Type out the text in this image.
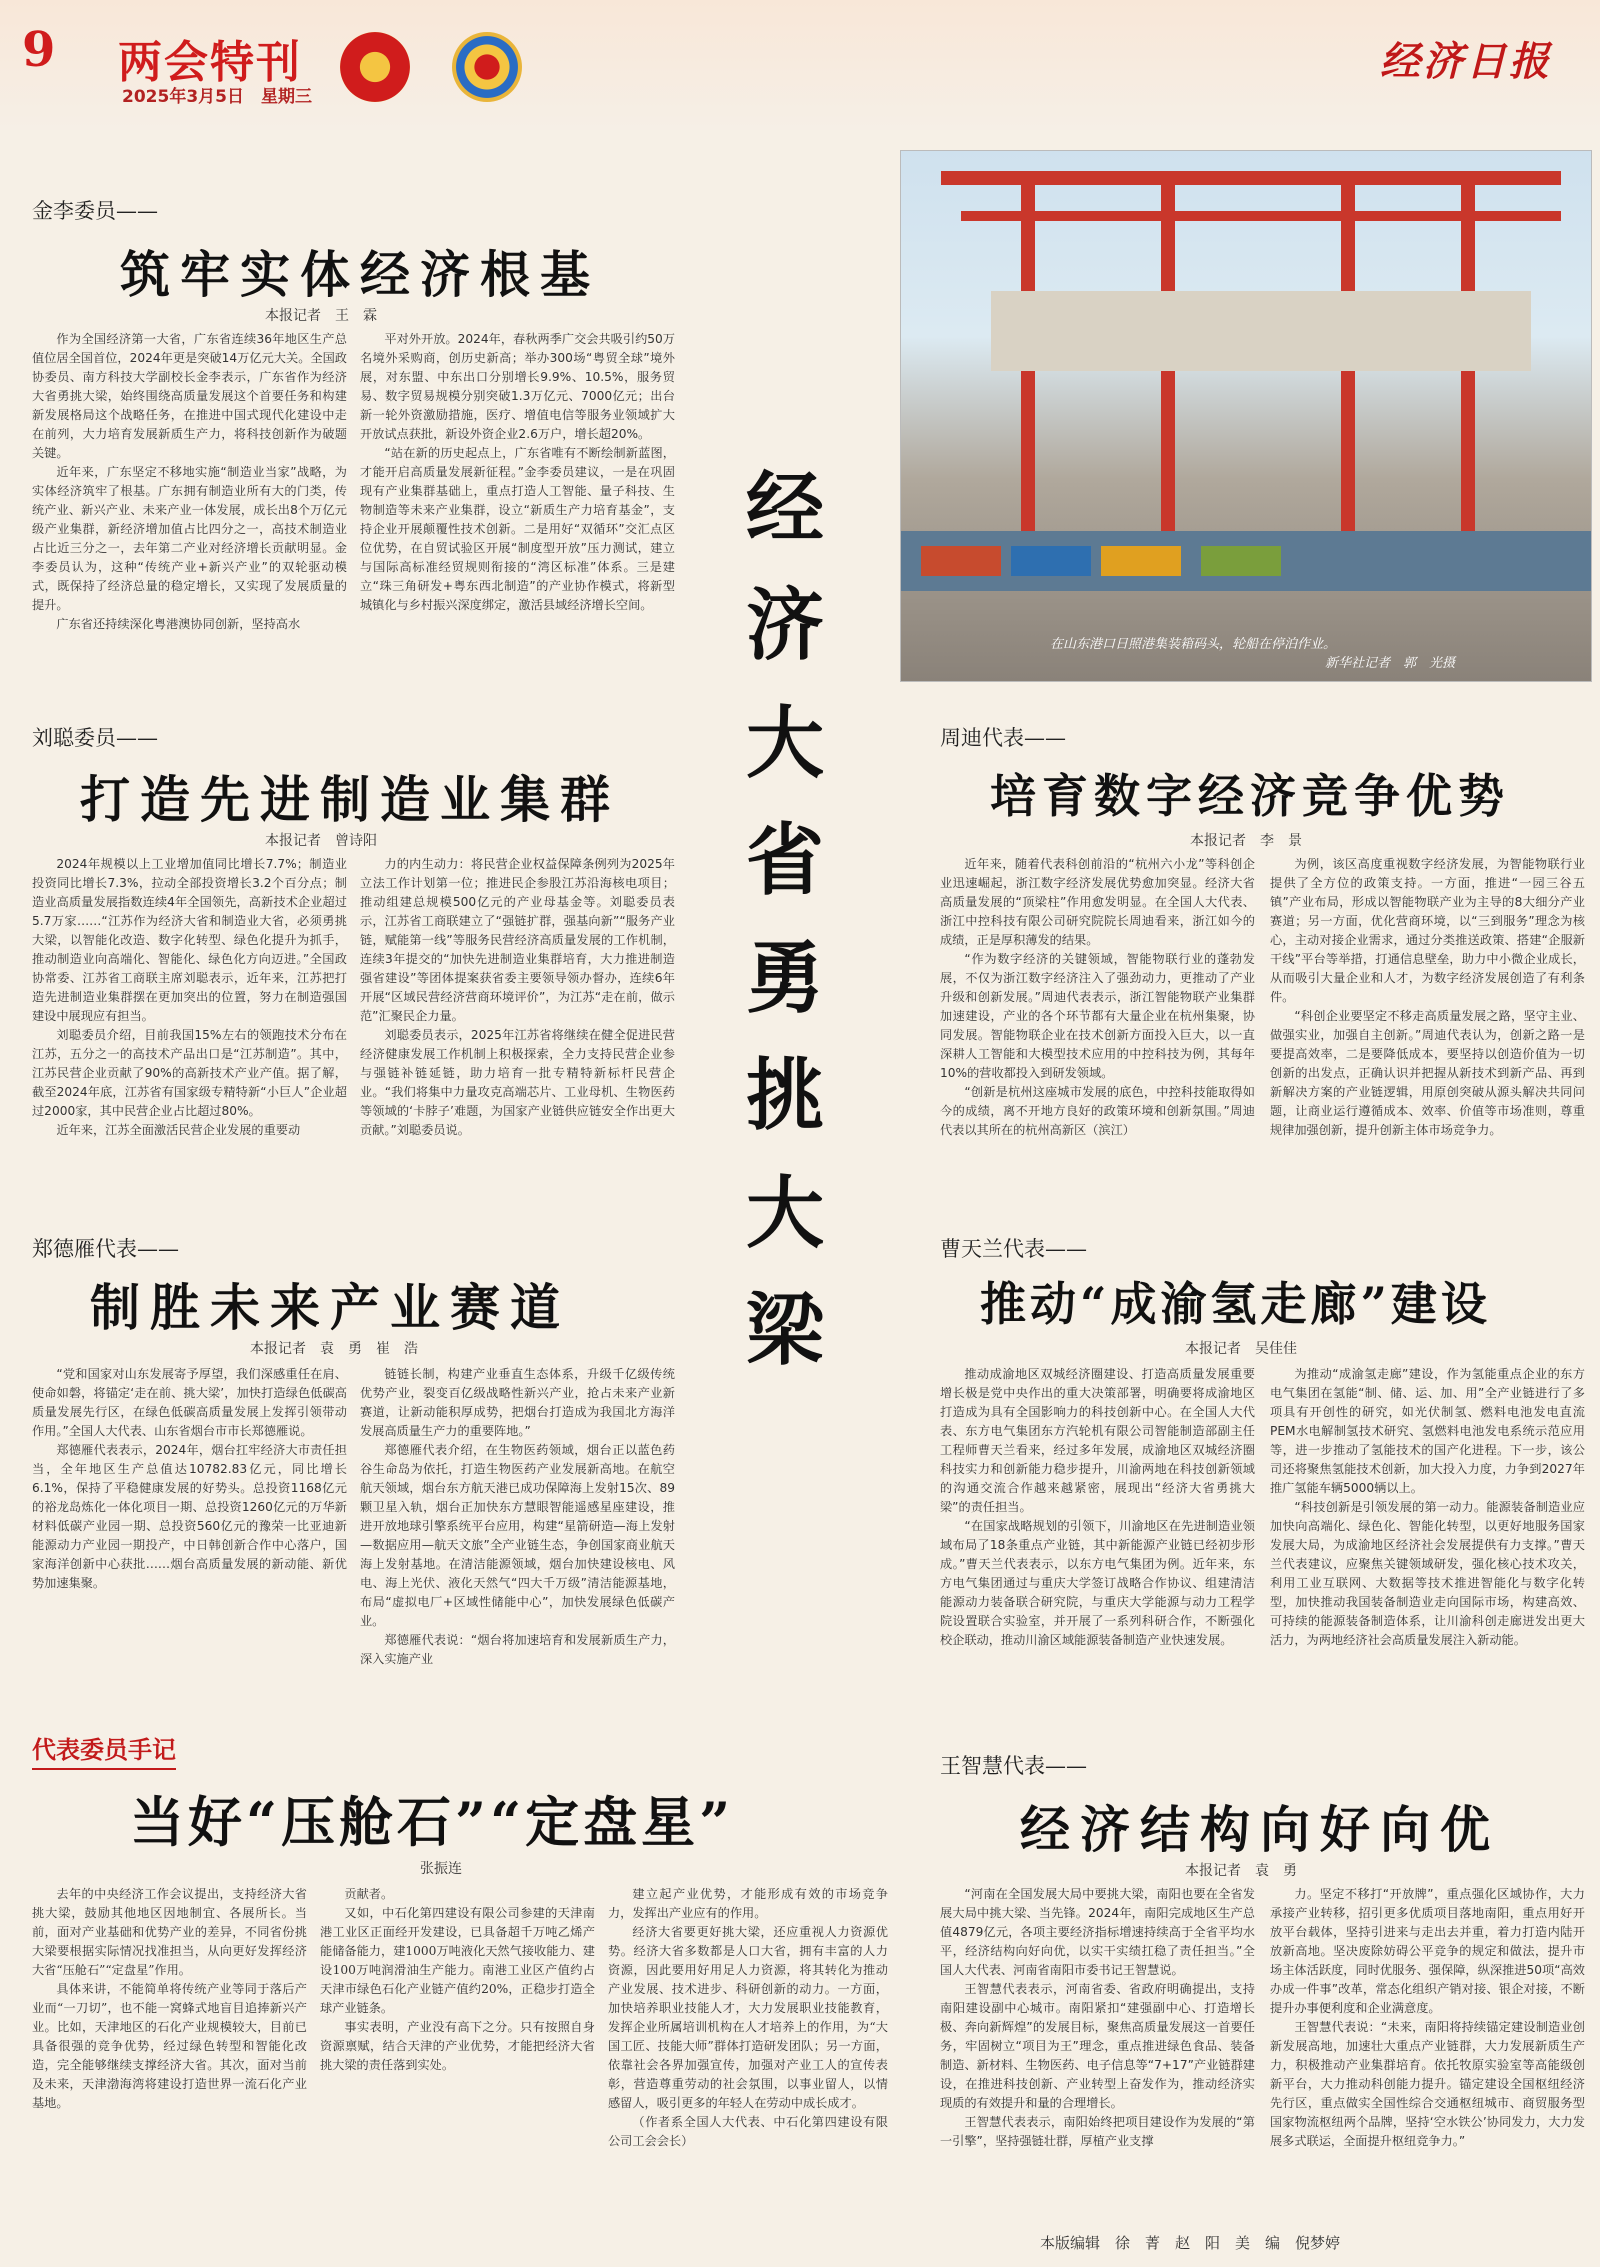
9 两会特刊
2025年3月5日　星期三
经济日报
经
济
大
省
勇
挑
大
梁
在山东港口日照港集装箱码头，轮船在停泊作业。
新华社记者　郭　光摄
金李委员——
筑牢实体经济根基
本报记者　王　霖

作为全国经济第一大省，广东省连续36年地区生产总值位居全国首位，2024年更是突破14万亿元大关。全国政协委员、南方科技大学副校长金李表示，广东省作为经济大省勇挑大梁，始终围绕高质量发展这个首要任务和构建新发展格局这个战略任务，在推进中国式现代化建设中走在前列，大力培育发展新质生产力，将科技创新作为破题关键。

近年来，广东坚定不移地实施“制造业当家”战略，为实体经济筑牢了根基。广东拥有制造业所有大的门类，传统产业、新兴产业、未来产业一体发展，成长出8个万亿元级产业集群，新经济增加值占比四分之一，高技术制造业占比近三分之一，去年第二产业对经济增长贡献明显。金李委员认为，这种“传统产业+新兴产业”的双轮驱动模式，既保持了经济总量的稳定增长，又实现了发展质量的提升。

广东省还持续深化粤港澳协同创新，坚持高水

平对外开放。2024年，春秋两季广交会共吸引约50万名境外采购商，创历史新高；举办300场“粤贸全球”境外展，对东盟、中东出口分别增长9.9%、10.5%，服务贸易、数字贸易规模分别突破1.3万亿元、7000亿元；出台新一轮外资激励措施，医疗、增值电信等服务业领域扩大开放试点获批，新设外资企业2.6万户，增长超20%。

“站在新的历史起点上，广东省唯有不断绘制新蓝图，才能开启高质量发展新征程。”金李委员建议，一是在巩固现有产业集群基础上，重点打造人工智能、量子科技、生物制造等未来产业集群，设立“新质生产力培育基金”，支持企业开展颠覆性技术创新。二是用好“双循环”交汇点区位优势，在自贸试验区开展“制度型开放”压力测试，建立与国际高标准经贸规则衔接的“湾区标准”体系。三是建立“珠三角研发+粤东西北制造”的产业协作模式，将新型城镇化与乡村振兴深度绑定，激活县域经济增长空间。

刘聪委员——
打造先进制造业集群
本报记者　曾诗阳

2024年规模以上工业增加值同比增长7.7%；制造业投资同比增长7.3%，拉动全部投资增长3.2个百分点；制造业高质量发展指数连续4年全国领先，高新技术企业超过5.7万家……“江苏作为经济大省和制造业大省，必须勇挑大梁，以智能化改造、数字化转型、绿色化提升为抓手，推动制造业向高端化、智能化、绿色化方向迈进。”全国政协常委、江苏省工商联主席刘聪表示，近年来，江苏把打造先进制造业集群摆在更加突出的位置，努力在制造强国建设中展现应有担当。

刘聪委员介绍，目前我国15%左右的领跑技术分布在江苏，五分之一的高技术产品出口是“江苏制造”。其中，江苏民营企业贡献了90%的高新技术产业产值。据了解，截至2024年底，江苏省有国家级专精特新“小巨人”企业超过2000家，其中民营企业占比超过80%。

近年来，江苏全面激活民营企业发展的重要动

力的内生动力：将民营企业权益保障条例列为2025年立法工作计划第一位；推进民企参股江苏沿海核电项目；推动组建总规模500亿元的产业母基金等。刘聪委员表示，江苏省工商联建立了“强链扩群，强基向新”“服务产业链，赋能第一线”等服务民营经济高质量发展的工作机制，连续3年提交的“加快先进制造业集群培育，大力推进制造强省建设”等团体提案获省委主要领导领办督办，连续6年开展“区域民营经济营商环境评价”，为江苏“走在前，做示范”汇聚民企力量。

刘聪委员表示，2025年江苏省将继续在健全促进民营经济健康发展工作机制上积极探索，全力支持民营企业参与强链补链延链，助力培育一批专精特新标杆民营企业。“我们将集中力量攻克高端芯片、工业母机、生物医药等领域的‘卡脖子’难题，为国家产业链供应链安全作出更大贡献。”刘聪委员说。

郑德雁代表——
制胜未来产业赛道
本报记者　袁　勇　崔　浩

“党和国家对山东发展寄予厚望，我们深感重任在肩、使命如磐，将锚定‘走在前、挑大梁’，加快打造绿色低碳高质量发展先行区，在绿色低碳高质量发展上发挥引领带动作用。”全国人大代表、山东省烟台市市长郑德雁说。

郑德雁代表表示，2024年，烟台扛牢经济大市责任担当，全年地区生产总值达10782.83亿元，同比增长6.1%，保持了平稳健康发展的好势头。总投资1168亿元的裕龙岛炼化一体化项目一期、总投资1260亿元的万华新材料低碳产业园一期、总投资560亿元的豫荣一比亚迪新能源动力产业园一期投产，中日韩创新合作中心落户，国家海洋创新中心获批……烟台高质量发展的新动能、新优势加速集聚。

链链长制，构建产业垂直生态体系，升级千亿级传统优势产业，裂变百亿级战略性新兴产业，抢占未来产业新赛道，让新动能积厚成势，把烟台打造成为我国北方海洋发展高质量生产力的重要阵地。”

郑德雁代表介绍，在生物医药领域，烟台正以蓝色药谷生命岛为依托，打造生物医药产业发展新高地。在航空航天领域，烟台东方航天港已成功保障海上发射15次、89颗卫星入轨，烟台正加快东方慧眼智能遥感星座建设，推进开放地球引擎系统平台应用，构建“星箭研造—海上发射—数据应用—航天文旅”全产业链生态，争创国家商业航天海上发射基地。在清洁能源领域，烟台加快建设核电、风电、海上光伏、液化天然气“四大千万级”清洁能源基地，布局“虚拟电厂+区域性储能中心”，加快发展绿色低碳产业。

郑德雁代表说：“烟台将加速培育和发展新质生产力，深入实施产业

周迪代表——
培育数字经济竞争优势
本报记者　李　景

近年来，随着代表科创前沿的“杭州六小龙”等科创企业迅速崛起，浙江数字经济发展优势愈加突显。经济大省高质量发展的“顶梁柱”作用愈发明显。在全国人大代表、浙江中控科技有限公司研究院院长周迪看来，浙江如今的成绩，正是厚积薄发的结果。

“作为数字经济的关键领域，智能物联行业的蓬勃发展，不仅为浙江数字经济注入了强劲动力，更推动了产业升级和创新发展。”周迪代表表示，浙江智能物联产业集群加速建设，产业的各个环节都有大量企业在杭州集聚，协同发展。智能物联企业在技术创新方面投入巨大，以一直深耕人工智能和大模型技术应用的中控科技为例，其每年10%的营收都投入到研发领域。

“创新是杭州这座城市发展的底色，中控科技能取得如今的成绩，离不开地方良好的政策环境和创新氛围。”周迪代表以其所在的杭州高新区（滨江）

为例，该区高度重视数字经济发展，为智能物联行业提供了全方位的政策支持。一方面，推进“一园三谷五镇”产业布局，形成以智能物联产业为主导的8大细分产业赛道；另一方面，优化营商环境，以“三到服务”理念为核心，主动对接企业需求，通过分类推送政策、搭建“企服新干线”平台等举措，打通信息壁垒，助力中小微企业成长，从而吸引大量企业和人才，为数字经济发展创造了有利条件。

“科创企业要坚定不移走高质量发展之路，坚守主业、做强实业，加强自主创新。”周迪代表认为，创新之路一是要提高效率，二是要降低成本，要坚持以创造价值为一切创新的出发点，正确认识并把握从新技术到新产品、再到新解决方案的产业链逻辑，用原创突破从源头解决共同问题，让商业运行遵循成本、效率、价值等市场准则，尊重规律加强创新，提升创新主体市场竞争力。

曹天兰代表——
推动“成渝氢走廊”建设
本报记者　吴佳佳

推动成渝地区双城经济圈建设、打造高质量发展重要增长极是党中央作出的重大决策部署，明确要将成渝地区打造成为具有全国影响力的科技创新中心。在全国人大代表、东方电气集团东方汽轮机有限公司智能制造部副主任工程师曹天兰看来，经过多年发展，成渝地区双城经济圈科技实力和创新能力稳步提升，川渝两地在科技创新领域的沟通交流合作越来越紧密，展现出“经济大省勇挑大梁”的责任担当。

“在国家战略规划的引领下，川渝地区在先进制造业领域布局了18条重点产业链，其中新能源产业链已经初步形成。”曹天兰代表表示，以东方电气集团为例。近年来，东方电气集团通过与重庆大学签订战略合作协议、组建清洁能源动力装备联合研究院，与重庆大学能源与动力工程学院设置联合实验室，并开展了一系列科研合作，不断强化校企联动，推动川渝区域能源装备制造产业快速发展。

为推动“成渝氢走廊”建设，作为氢能重点企业的东方电气集团在氢能“制、储、运、加、用”全产业链进行了多项具有开创性的研究，如光伏制氢、燃料电池发电直流PEM水电解制氢技术研究、氢燃料电池发电系统示范应用等，进一步推动了氢能技术的国产化进程。下一步，该公司还将聚焦氢能技术创新，加大投入力度，力争到2027年推广氢能车辆5000辆以上。

“科技创新是引领发展的第一动力。能源装备制造业应加快向高端化、绿色化、智能化转型，以更好地服务国家发展大局，为成渝地区经济社会发展提供有力支撑。”曹天兰代表建议，应聚焦关键领域研发，强化核心技术攻关，利用工业互联网、大数据等技术推进智能化与数字化转型，加快推动我国装备制造业走向国际市场，构建高效、可持续的能源装备制造体系，让川渝科创走廊迸发出更大活力，为两地经济社会高质量发展注入新动能。

王智慧代表——
经济结构向好向优
本报记者　袁　勇

“河南在全国发展大局中要挑大梁，南阳也要在全省发展大局中挑大梁、当先锋。2024年，南阳完成地区生产总值4879亿元，各项主要经济指标增速持续高于全省平均水平，经济结构向好向优，以实干实绩扛稳了责任担当。”全国人大代表、河南省南阳市委书记王智慧说。

王智慧代表表示，河南省委、省政府明确提出，支持南阳建设副中心城市。南阳紧扣“建强副中心、打造增长极、奔向新辉煌”的发展目标，聚焦高质量发展这一首要任务，牢固树立“项目为王”理念，重点推进绿色食品、装备制造、新材料、生物医药、电子信息等“7+17”产业链群建设，在推进科技创新、产业转型上奋发作为，推动经济实现质的有效提升和量的合理增长。

王智慧代表表示，南阳始终把项目建设作为发展的“第一引擎”，坚持强链壮群，厚植产业支撑

力。坚定不移打“开放牌”，重点强化区域协作，大力承接产业转移，招引更多优质项目落地南阳，重点用好开放平台载体，坚持引进来与走出去并重，着力打造内陆开放新高地。坚决废除妨碍公平竞争的规定和做法，提升市场主体活跃度，同时优服务、强保障，纵深推进50项“高效办成一件事”改革，常态化组织产销对接、银企对接，不断提升办事便利度和企业满意度。

王智慧代表说：“未来，南阳将持续锚定建设制造业创新发展高地，加速壮大重点产业链群，大力发展新质生产力，积极推动产业集群培育。依托牧原实验室等高能级创新平台，大力推动科创能力提升。锚定建设全国枢纽经济先行区，重点做实全国性综合交通枢纽城市、商贸服务型国家物流枢纽两个品牌，坚持‘空水铁公’协同发力，大力发展多式联运，全面提升枢纽竞争力。”

代表委员手记
当好“压舱石”“定盘星”
张振连

去年的中央经济工作会议提出，支持经济大省挑大梁，鼓励其他地区因地制宜、各展所长。当前，面对产业基础和优势产业的差异，不同省份挑大梁要根据实际情况找准担当，从向更好发挥经济大省“压舱石”“定盘星”作用。

具体来讲，不能简单将传统产业等同于落后产业而“一刀切”，也不能一窝蜂式地盲目追捧新兴产业。比如，天津地区的石化产业规模较大，目前已具备很强的竞争优势，经过绿色转型和智能化改造，完全能够继续支撑经济大省。其次，面对当前及未来，天津渤海湾将建设打造世界一流石化产业基地。

贡献者。

又如，中石化第四建设有限公司参建的天津南港工业区正面经开发建设，已具备超千万吨乙烯产能储备能力，建1000万吨液化天然气接收能力、建设100万吨润滑油生产能力。南港工业区产值约占天津市绿色石化产业链产值约20%，正稳步打造全球产业链条。

事实表明，产业没有高下之分。只有按照自身资源禀赋，结合天津的产业优势，才能把经济大省挑大梁的责任落到实处。

建立起产业优势，才能形成有效的市场竞争力，发挥出产业应有的作用。

经济大省要更好挑大梁，还应重视人力资源优势。经济大省多数都是人口大省，拥有丰富的人力资源，因此要用好用足人力资源，将其转化为推动产业发展、技术进步、科研创新的动力。一方面，加快培养职业技能人才，大力发展职业技能教育，发挥企业所属培训机构在人才培养上的作用，为“大国工匠、技能大师”群体打造研发团队；另一方面，依靠社会各界加强宣传，加强对产业工人的宣传表彰，营造尊重劳动的社会氛围，以事业留人，以情感留人，吸引更多的年轻人在劳动中成长成才。

（作者系全国人大代表、中石化第四建设有限公司工会会长）

本版编辑　徐　菁　赵　阳　美　编　倪梦婷
